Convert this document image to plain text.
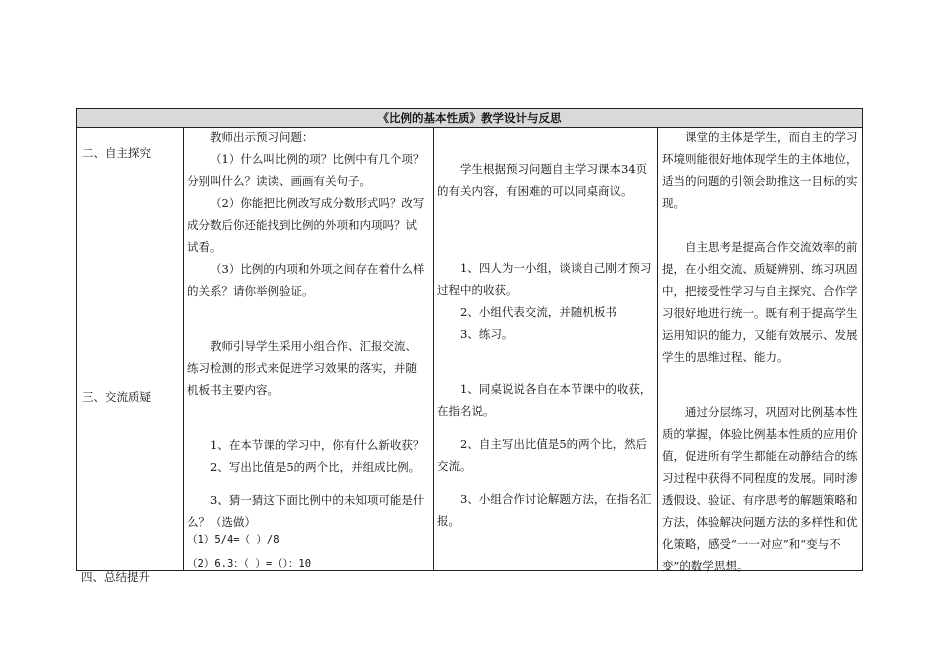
《比例的基本性质》教学设计与反思
二、自主探究
三、交流质疑

教师出示预习问题：

（1）什么叫比例的项？比例中有几个项？分别叫什么？读读、画画有关句子。

（2）你能把比例改写成分数形式吗？改写成分数后你还能找到比例的外项和内项吗？试试看。

（3）比例的内项和外项之间存在着什么样的关系？请你举例验证。

教师引导学生采用小组合作、汇报交流、练习检测的形式来促进学习效果的落实，并随机板书主要内容。

1、在本节课的学习中，你有什么新收获？

2、写出比值是5的两个比，并组成比例。

3、猜一猜这下面比例中的未知项可能是什么？（选做）

（1）5/4=（ ）/8

（2）6.3：（ ）=（）：10

学生根据预习问题自主学习课本34页的有关内容，有困难的可以同桌商议。

1、四人为一小组，谈谈自己刚才预习过程中的收获。

2、小组代表交流，并随机板书

3、练习。

1、同桌说说各自在本节课中的收获，在指名说。

2、自主写出比值是5的两个比，然后交流。

3、小组合作讨论解题方法，在指名汇报。

课堂的主体是学生，而自主的学习环境则能很好地体现学生的主体地位，适当的问题的引领会助推这一目标的实现。

自主思考是提高合作交流效率的前提，在小组交流、质疑辨别、练习巩固中，把接受性学习与自主探究、合作学习很好地进行统一。既有利于提高学生运用知识的能力，又能有效展示、发展学生的思维过程、能力。

通过分层练习，巩固对比例基本性质的掌握，体验比例基本性质的应用价值，促进所有学生都能在动静结合的练习过程中获得不同程度的发展。同时渗透假设、验证、有序思考的解题策略和方法，体验解决问题方法的多样性和优化策略，感受“一一对应”和“变与不变”的数学思想。

四、总结提升
